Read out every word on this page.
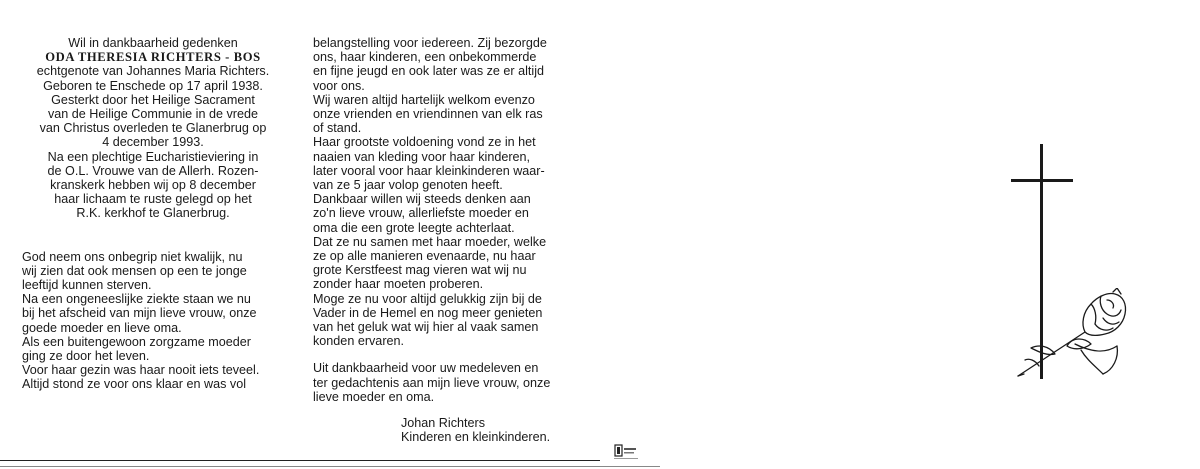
Wil in dankbaarheid gedenken

ODA THERESIA RICHTERS - BOS

echtgenote van Johannes Maria Richters.

Geboren te Enschede op 17 april 1938.

Gesterkt door het Heilige Sacrament

van de Heilige Communie in de vrede

van Christus overleden te Glanerbrug op

4 december 1993.

Na een plechtige Eucharistieviering in

de O.L. Vrouwe van de Allerh. Rozen-

kranskerk hebben wij op 8 december

haar lichaam te ruste gelegd op het

R.K. kerkhof te Glanerbrug.

God neem ons onbegrip niet kwalijk, nu

wij zien dat ook mensen op een te jonge

leeftijd kunnen sterven.

Na een ongeneeslijke ziekte staan we nu

bij het afscheid van mijn lieve vrouw, onze

goede moeder en lieve oma.

Als een buitengewoon zorgzame moeder

ging ze door het leven.

Voor haar gezin was haar nooit iets teveel.

Altijd stond ze voor ons klaar en was vol

belangstelling voor iedereen. Zij bezorgde

ons, haar kinderen, een onbekommerde

en fijne jeugd en ook later was ze er altijd

voor ons.

Wij waren altijd hartelijk welkom evenzo

onze vrienden en vriendinnen van elk ras

of stand.

Haar grootste voldoening vond ze in het

naaien van kleding voor haar kinderen,

later vooral voor haar kleinkinderen waar-

van ze 5 jaar volop genoten heeft.

Dankbaar willen wij steeds denken aan

zo'n lieve vrouw, allerliefste moeder en

oma die een grote leegte achterlaat.

Dat ze nu samen met haar moeder, welke

ze op alle manieren evenaarde, nu haar

grote Kerstfeest mag vieren wat wij nu

zonder haar moeten proberen.

Moge ze nu voor altijd gelukkig zijn bij de

Vader in de Hemel en nog meer genieten

van het geluk wat wij hier al vaak samen

konden ervaren.

Uit dankbaarheid voor uw medeleven en

ter gedachtenis aan mijn lieve vrouw, onze

lieve moeder en oma.

Johan Richters

Kinderen en kleinkinderen.
